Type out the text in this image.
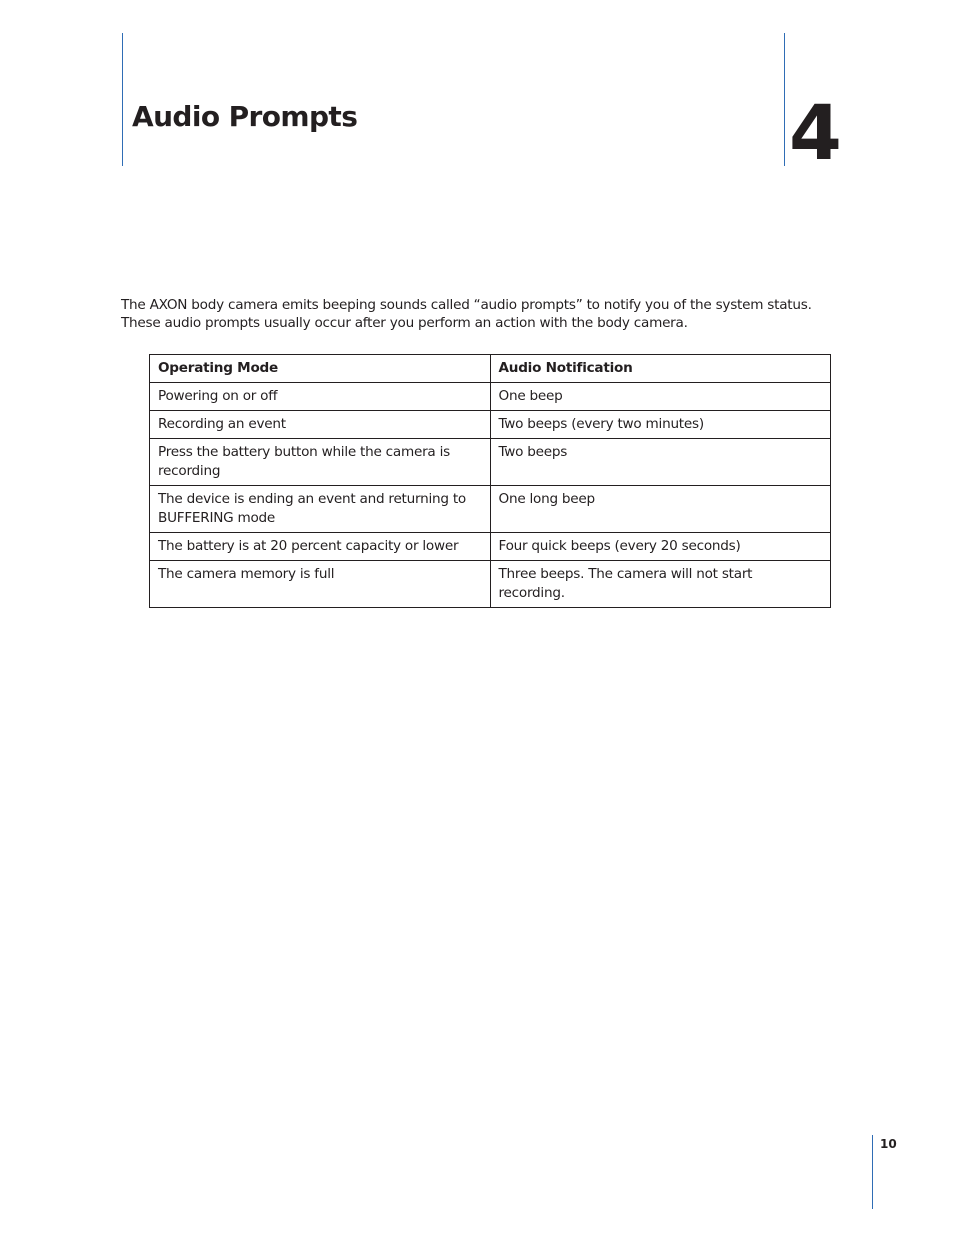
Audio Prompts	4

The AXON body camera emits beeping sounds called “audio prompts” to notify you of the system status. These audio prompts usually occur after you perform an action with the body camera.

Operating Mode	Audio Notification
Powering on or off	One beep
Recording an event	Two beeps (every two minutes)
Press the battery button while the camera is recording	Two beeps
The device is ending an event and returning to BUFFERING mode	One long beep
The battery is at 20 percent capacity or lower	Four quick beeps (every 20 seconds)
The camera memory is full	Three beeps. The camera will not start recording.
10
